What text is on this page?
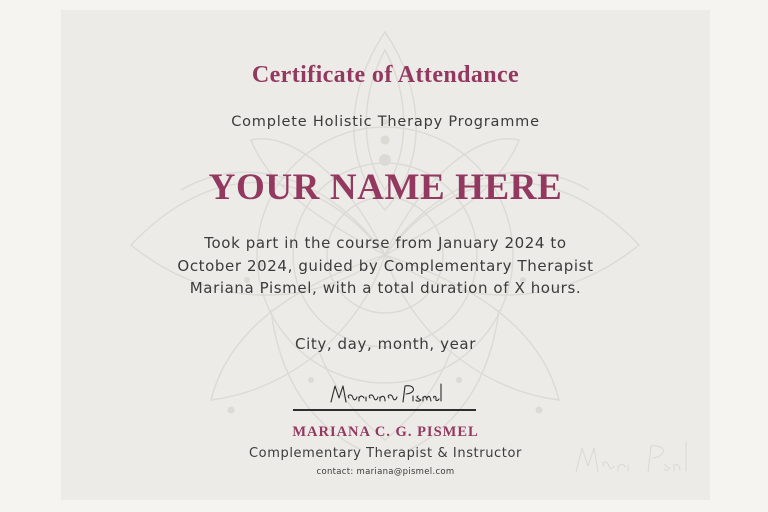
Certificate of Attendance
Complete Holistic Therapy Programme
YOUR NAME HERE
Took part in the course from January 2024 to October 2024, guided by Complementary Therapist Mariana Pismel, with a total duration of X hours.
City, day, month, year
MARIANA C. G. PISMEL
Complementary Therapist & Instructor
contact: mariana@pismel.com
